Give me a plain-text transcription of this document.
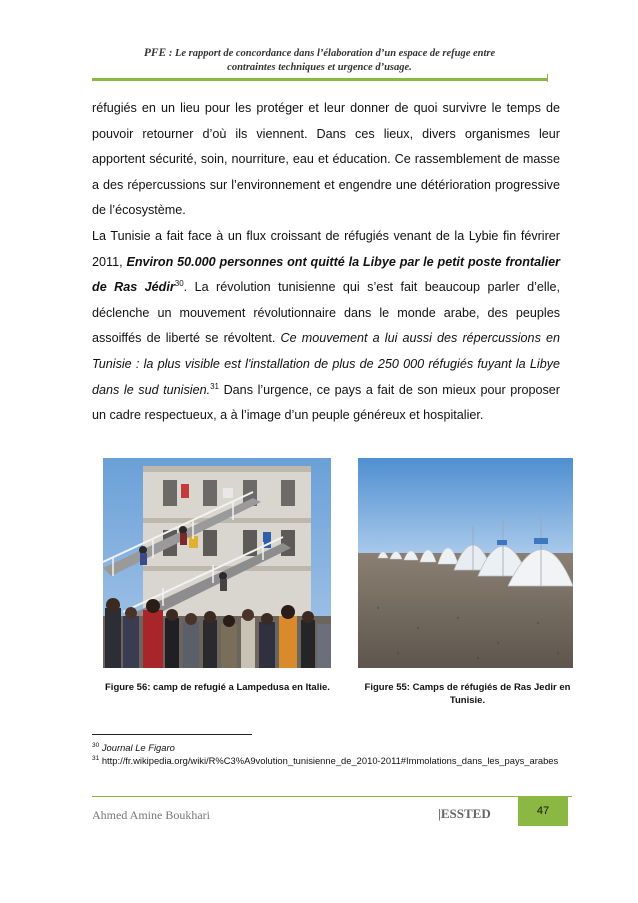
PFE : Le rapport de concordance dans l’élaboration d’un espace de refuge entre
contraintes techniques et urgence d’usage.

réfugiés en un lieu pour les protéger et leur donner de quoi survivre le temps de pouvoir retourner d’où ils viennent. Dans ces lieux, divers organismes leur apportent sécurité, soin, nourriture, eau et éducation. Ce rassemblement de masse a des répercussions sur l’environnement et engendre une détérioration progressive de l’écosystème.

La Tunisie a fait face à un flux croissant de réfugiés venant de la Lybie fin févrirer 2011, Environ 50.000 personnes ont quitté la Libye par le petit poste frontalier de Ras Jédir$^{30}$. La révolution tunisienne qui s’est fait beaucoup parler d’elle, déclenche un mouvement révolutionnaire dans le monde arabe, des peuples assoiffés de liberté se révoltent. Ce mouvement a lui aussi des répercussions en Tunisie : la plus visible est l'installation de plus de 250 000 réfugiés fuyant la Libye dans le sud tunisien.$^{31}$ Dans l’urgence, ce pays a fait de son mieux pour proposer un cadre respectueux, a à l’image d’un peuple généreux et hospitalier.

Figure 56: camp de refugié a Lampedusa en Italie.	Figure 55: Camps de réfugiés de Ras Jedir en Tunisie.
$^{30}$ Journal Le Figaro
$^{31}$ http://fr.wikipedia.org/wiki/R%C3%A9volution_tunisienne_de_2010-2011#Immolations_dans_les_pays_arabes
Ahmed Amine Boukhari	|ESSTED	47
